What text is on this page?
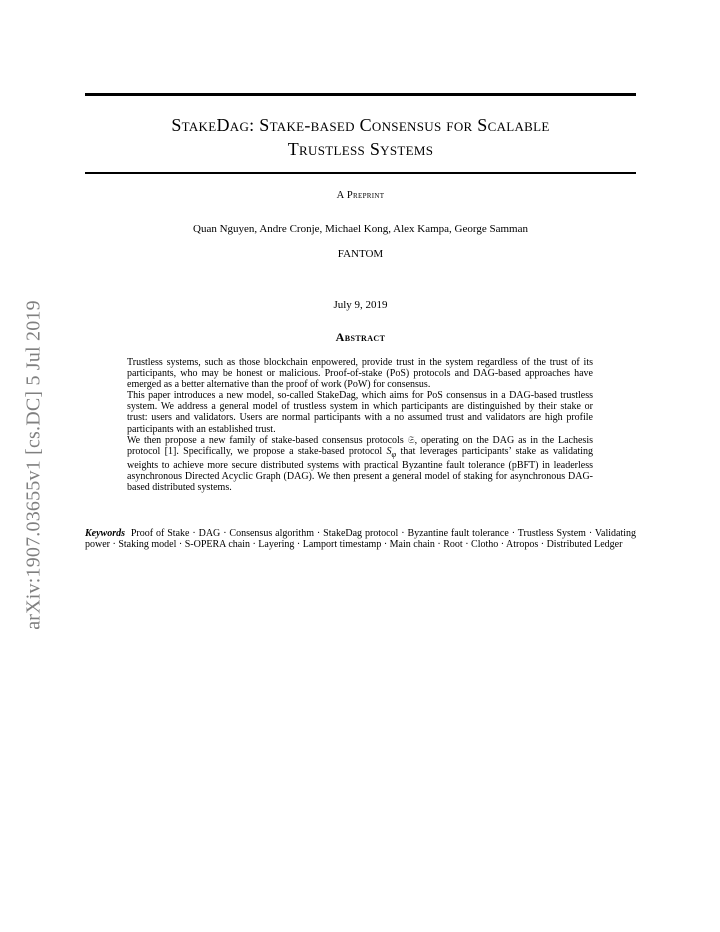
arXiv:1907.03655v1 [cs.DC] 5 Jul 2019
StakeDag: Stake-based Consensus for Scalable
Trustless Systems
A Preprint
Quan Nguyen, Andre Cronje, Michael Kong, Alex Kampa, George Samman
FANTOM
July 9, 2019
Abstract

Trustless systems, such as those blockchain enpowered, provide trust in the system regardless of the trust of its participants, who may be honest or malicious. Proof-of-stake (PoS) protocols and DAG-based approaches have emerged as a better alternative than the proof of work (PoW) for consensus.

This paper introduces a new model, so-called StakeDag, which aims for PoS consensus in a DAG-based trustless system. We address a general model of trustless system in which participants are distinguished by their stake or trust: users and validators. Users are normal participants with a no assumed trust and validators are high profile participants with an established trust.

We then propose a new family of stake-based consensus protocols 𝔖, operating on the DAG as in the Lachesis protocol [1]. Specifically, we propose a stake-based protocol $S_\varphi$ that leverages participants’ stake as validating weights to achieve more secure distributed systems with practical Byzantine fault tolerance (pBFT) in leaderless asynchronous Directed Acyclic Graph (DAG). We then present a general model of staking for asynchronous DAG-based distributed systems.

Keywords Proof of Stake · DAG · Consensus algorithm · StakeDag protocol · Byzantine fault tolerance · Trustless System · Validating power · Staking model · S-OPERA chain · Layering · Lamport timestamp · Main chain · Root · Clotho · Atropos · Distributed Ledger
